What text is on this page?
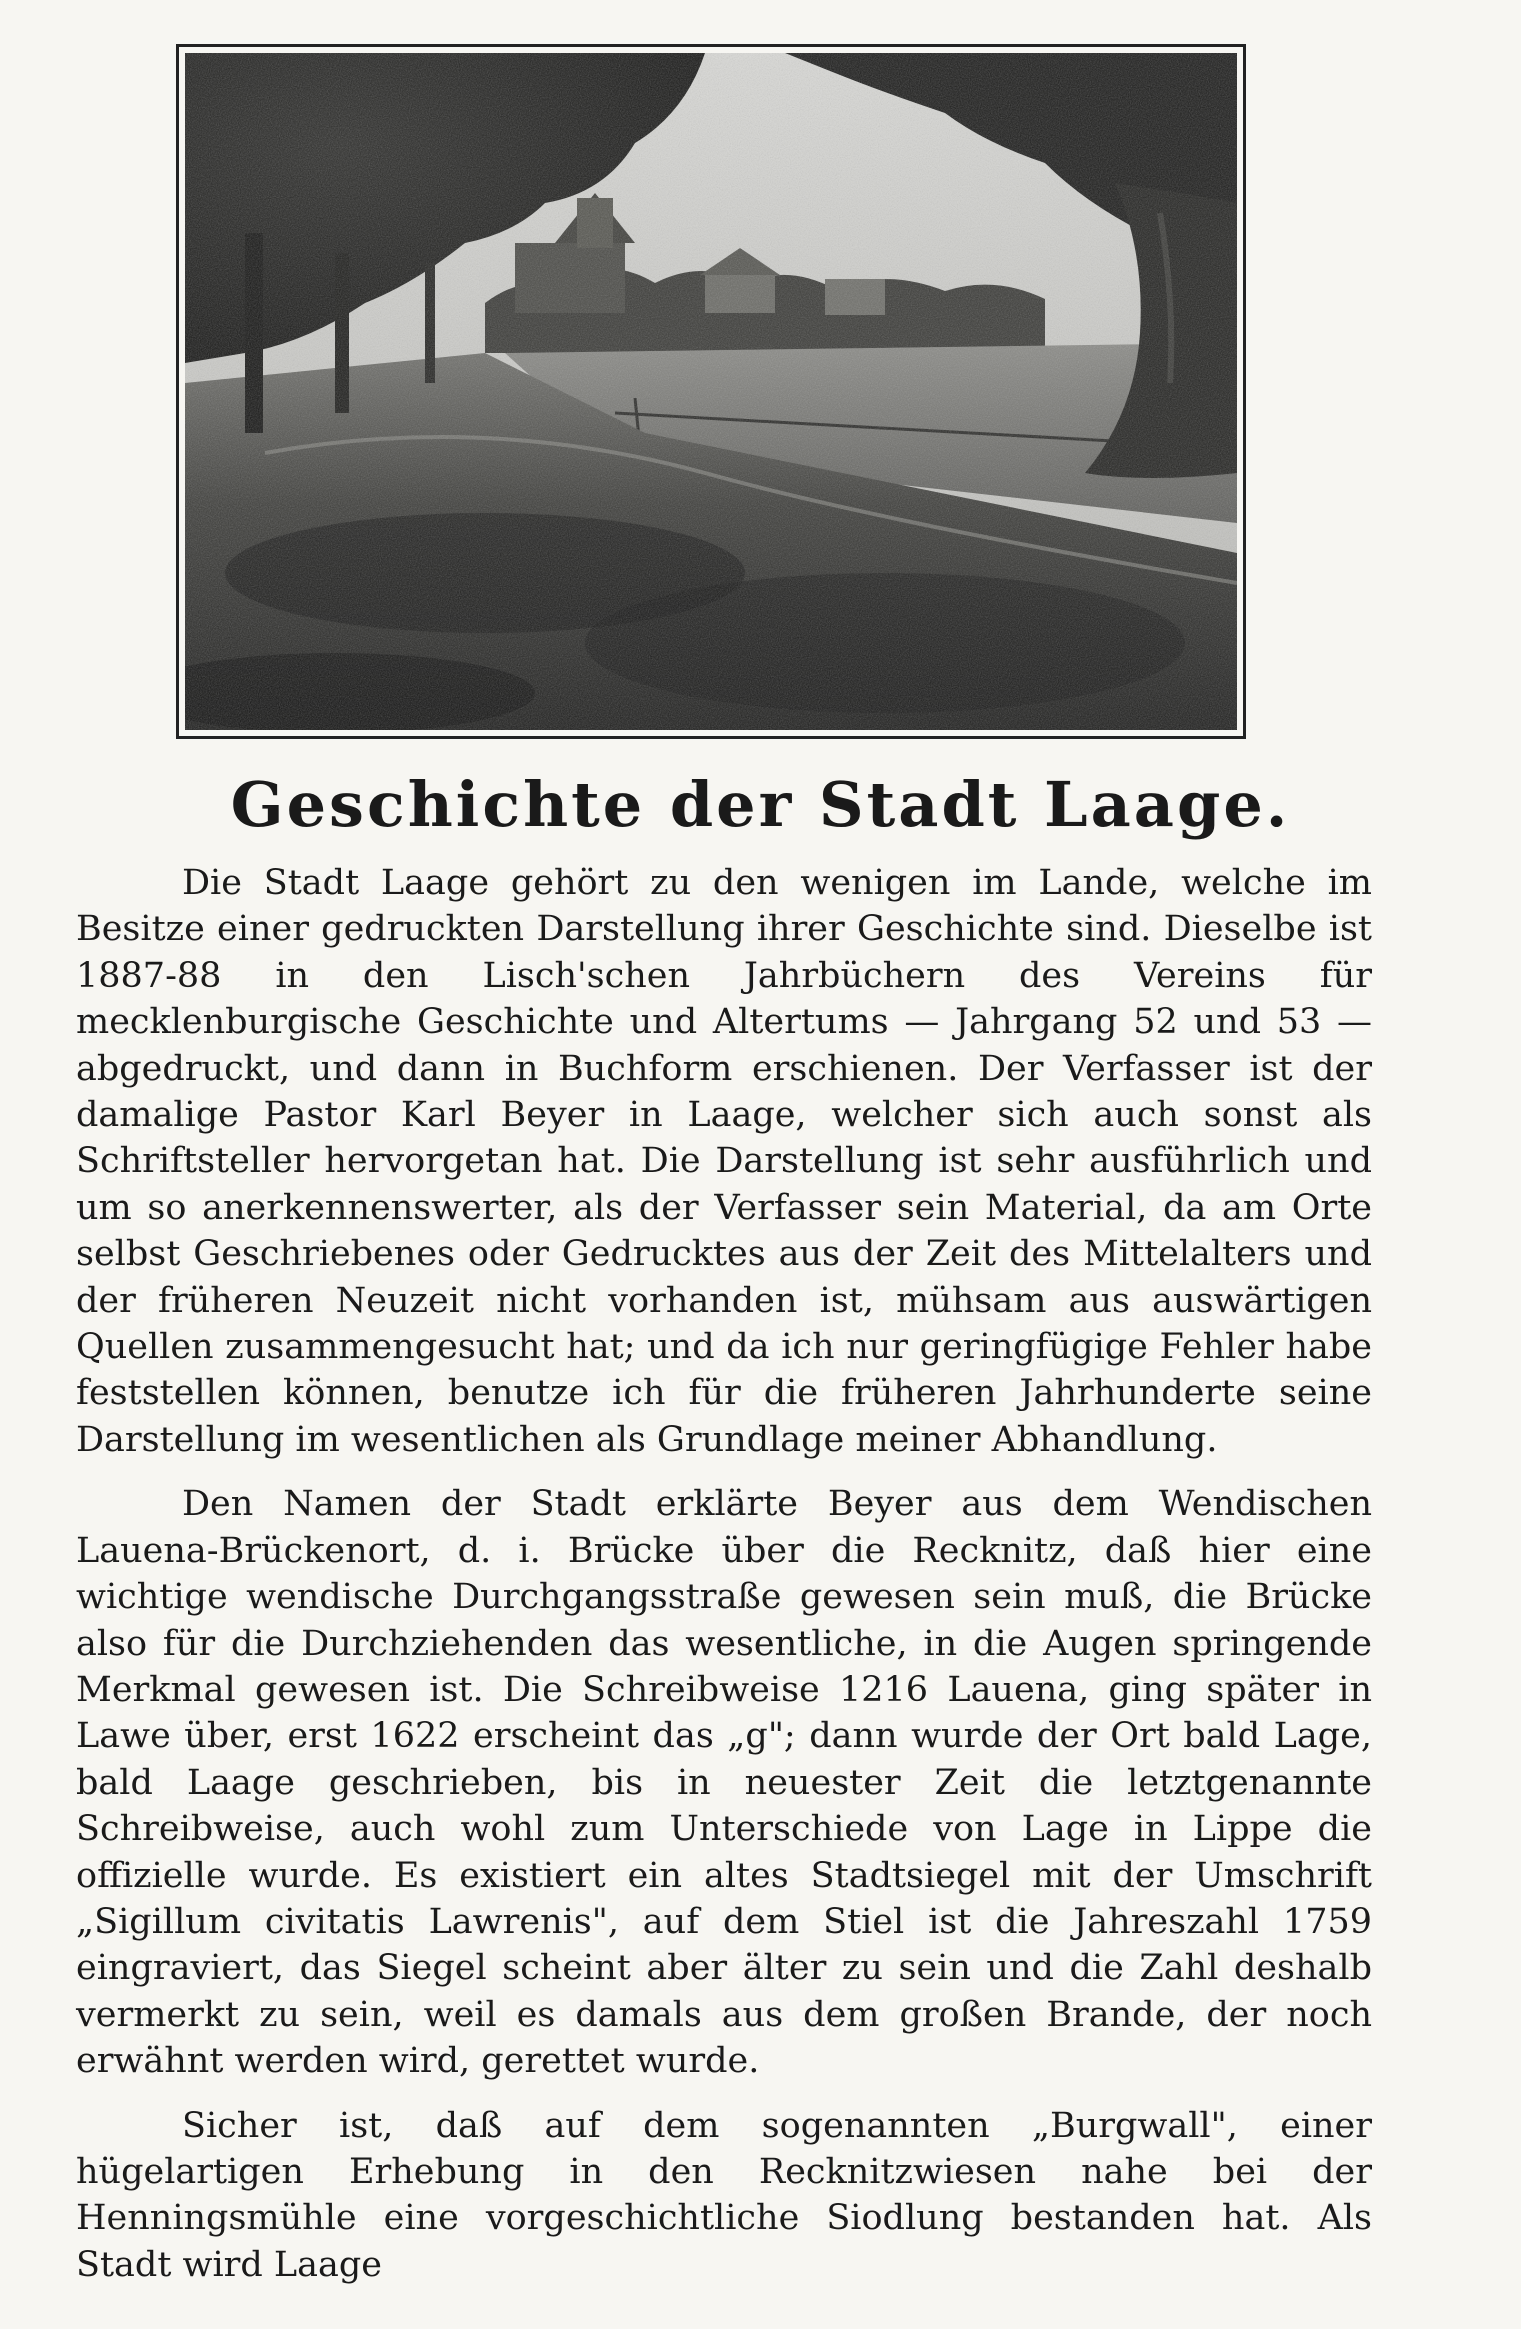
Geschichte der Stadt Laage.

Die Stadt Laage gehört zu den wenigen im Lande, welche im Besitze einer gedruckten Darstellung ihrer Geschichte sind. Dieselbe ist 1887-88 in den Lisch'schen Jahrbüchern des Vereins für mecklenburgische Geschichte und Altertums — Jahrgang 52 und 53 — abgedruckt, und dann in Buchform erschienen. Der Verfasser ist der damalige Pastor Karl Beyer in Laage, welcher sich auch sonst als Schriftsteller hervorgetan hat. Die Darstellung ist sehr ausführlich und um so anerkennenswerter, als der Verfasser sein Material, da am Orte selbst Geschriebenes oder Gedrucktes aus der Zeit des Mittelalters und der früheren Neuzeit nicht vorhanden ist, mühsam aus auswärtigen Quellen zusammengesucht hat; und da ich nur geringfügige Fehler habe feststellen können, benutze ich für die früheren Jahrhunderte seine Darstellung im wesentlichen als Grundlage meiner Abhandlung.

Den Namen der Stadt erklärte Beyer aus dem Wendischen Lauena-Brückenort, d. i. Brücke über die Recknitz, daß hier eine wichtige wendische Durchgangsstraße gewesen sein muß, die Brücke also für die Durchziehenden das wesentliche, in die Augen springende Merkmal gewesen ist. Die Schreibweise 1216 Lauena, ging später in Lawe über, erst 1622 erscheint das „g"; dann wurde der Ort bald Lage, bald Laage geschrieben, bis in neuester Zeit die letztgenannte Schreibweise, auch wohl zum Unterschiede von Lage in Lippe die offizielle wurde. Es existiert ein altes Stadtsiegel mit der Umschrift „Sigillum civitatis Lawrenis", auf dem Stiel ist die Jahreszahl 1759 eingraviert, das Siegel scheint aber älter zu sein und die Zahl deshalb vermerkt zu sein, weil es damals aus dem großen Brande, der noch erwähnt werden wird, gerettet wurde.

Sicher ist, daß auf dem sogenannten „Burgwall", einer hügelartigen Erhebung in den Recknitzwiesen nahe bei der Henningsmühle eine vorgeschichtliche Siodlung bestanden hat. Als Stadt wird Laage
